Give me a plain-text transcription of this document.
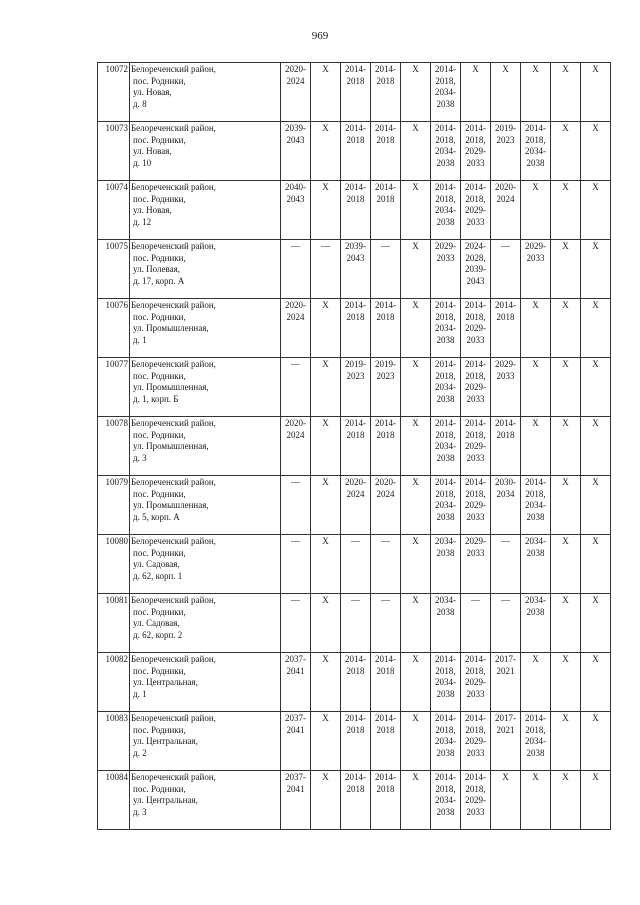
969
10072	Белореченский район,
пос. Родники,
ул. Новая,
д. 8	2020-
2024	X	2014-
2018	2014-
2018	X	2014-
2018,
2034-
2038	X	X	X	X	X

10073	Белореченский район,
пос. Родники,
ул. Новая,
д. 10	2039-
2043	X	2014-
2018	2014-
2018	X	2014-
2018,
2034-
2038	2014-
2018,
2029-
2033	2019-
2023	2014-
2018,
2034-
2038	X	X

10074	Белореченский район,
пос. Родники,
ул. Новая,
д. 12	2040-
2043	X	2014-
2018	2014-
2018	X	2014-
2018,
2034-
2038	2014-
2018,
2029-
2033	2020-
2024	X	X	X

10075	Белореченский район,
пос. Родники,
ул. Полевая,
д. 17, корп. А	—	—	2039-
2043	—	X	2029-
2033	2024-
2028,
2039-
2043	—	2029-
2033	X	X

10076	Белореченский район,
пос. Родники,
ул. Промышленная,
д. 1	2020-
2024	X	2014-
2018	2014-
2018	X	2014-
2018,
2034-
2038	2014-
2018,
2029-
2033	2014-
2018	X	X	X

10077	Белореченский район,
пос. Родники,
ул. Промышленная,
д. 1, корп. Б	—	X	2019-
2023	2019-
2023	X	2014-
2018,
2034-
2038	2014-
2018,
2029-
2033	2029-
2033	X	X	X

10078	Белореченский район,
пос. Родники,
ул. Промышленная,
д. 3	2020-
2024	X	2014-
2018	2014-
2018	X	2014-
2018,
2034-
2038	2014-
2018,
2029-
2033	2014-
2018	X	X	X

10079	Белореченский район,
пос. Родники,
ул. Промышленная,
д. 5, корп. А	—	X	2020-
2024	2020-
2024	X	2014-
2018,
2034-
2038	2014-
2018,
2029-
2033	2030-
2034	2014-
2018,
2034-
2038	X	X

10080	Белореченский район,
пос. Родники,
ул. Садовая,
д. 62, корп. 1	—	X	—	—	X	2034-
2038	2029-
2033	—	2034-
2038	X	X

10081	Белореченский район,
пос. Родники,
ул. Садовая,
д. 62, корп. 2	—	X	—	—	X	2034-
2038	—	—	2034-
2038	X	X

10082	Белореченский район,
пос. Родники,
ул. Центральная,
д. 1	2037-
2041	X	2014-
2018	2014-
2018	X	2014-
2018,
2034-
2038	2014-
2018,
2029-
2033	2017-
2021	X	X	X

10083	Белореченский район,
пос. Родники,
ул. Центральная,
д. 2	2037-
2041	X	2014-
2018	2014-
2018	X	2014-
2018,
2034-
2038	2014-
2018,
2029-
2033	2017-
2021	2014-
2018,
2034-
2038	X	X

10084	Белореченский район,
пос. Родники,
ул. Центральная,
д. 3	2037-
2041	X	2014-
2018	2014-
2018	X	2014-
2018,
2034-
2038	2014-
2018,
2029-
2033	X	X	X	X
